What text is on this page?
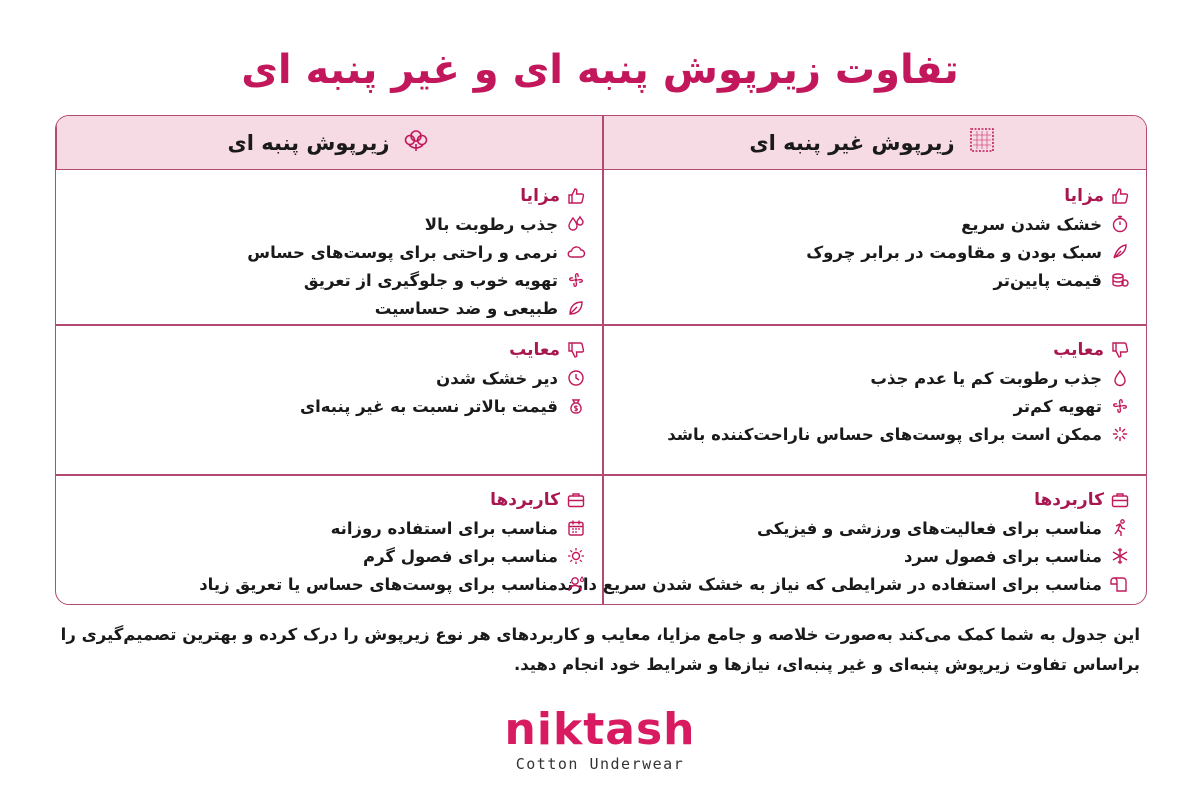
تفاوت زیرپوش پنبه ای و غیر پنبه ای
زیرپوش غیر پنبه ای
زیرپوش پنبه ای
مزایا
خشک شدن سریع
سبک بودن و مقاومت در برابر چروک
قیمت پایین‌تر
مزایا
جذب رطوبت بالا
نرمی و راحتی برای پوست‌های حساس
تهویه خوب و جلوگیری از تعریق
طبیعی و ضد حساسیت
معایب
جذب رطوبت کم یا عدم جذب
تهویه کم‌تر
ممکن است برای پوست‌های حساس ناراحت‌کننده باشد
معایب
دیر خشک شدن
قیمت بالاتر نسبت به غیر پنبه‌ای
کاربردها
مناسب برای فعالیت‌های ورزشی و فیزیکی
مناسب برای فصول سرد
مناسب برای استفاده در شرایطی که نیاز به خشک شدن سریع دارند
کاربردها
مناسب برای استفاده روزانه
مناسب برای فصول گرم
مناسب برای پوست‌های حساس یا تعریق زیاد
این جدول به شما کمک می‌کند به‌صورت خلاصه و جامع مزایا، معایب و کاربردهای هر نوع زیرپوش را درک کرده و بهترین تصمیم‌گیری را براساس تفاوت زیرپوش پنبه‌ای و غیر پنبه‌ای، نیازها و شرایط خود انجام دهید.
niktash
Cotton Underwear
